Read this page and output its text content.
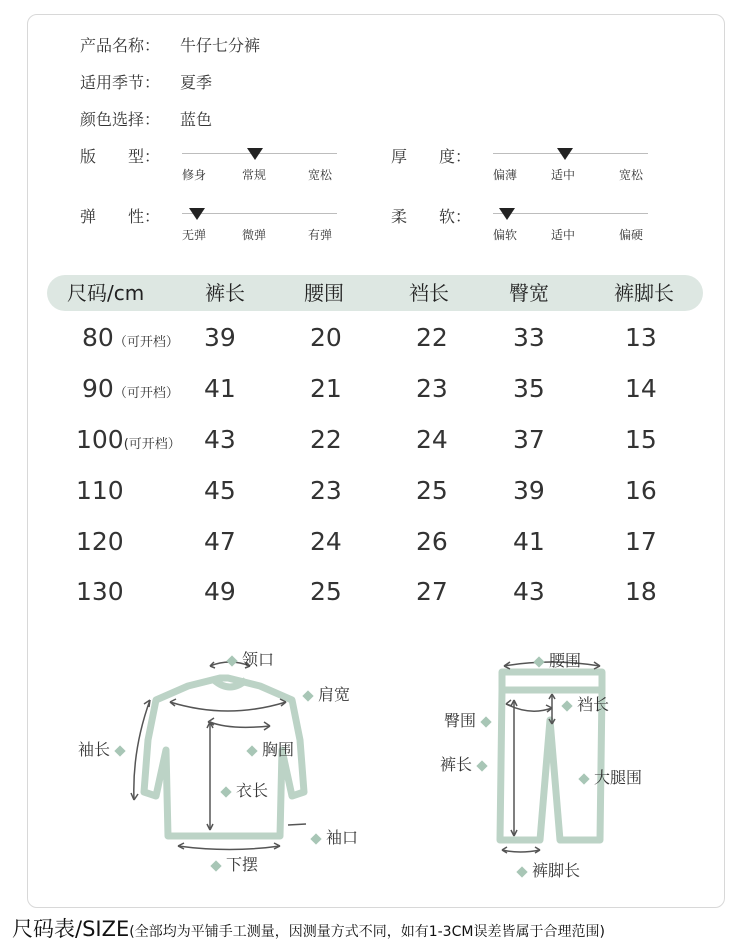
产品名称： 牛仔七分裤
适用季节： 夏季
颜色选择： 蓝色
版　　型：
修身	常规	宽松
厚　　度：
偏薄	适中	宽松
弹　　性：
无弹	微弹	有弹
柔　　软：
偏软	适中	偏硬
尺码/cm	裤长	腰围	裆长	臀宽	裤脚长
80（可开档） 39	20	22	33	13
90（可开档） 41	21	23	35	14
100(可开档） 43	22	24	37	15
110	45	23	25	39	16
120	47	24	26	41	17
130	49	25	27	43	18
领口
肩宽
袖长	胸围
衣长
袖口
下摆
腰围
裆长
臀围
裤长
大腿围
裤脚长
尺码表/SIZE(全部均为平铺手工测量，因测量方式不同，如有1-3CM误差皆属于合理范围)
